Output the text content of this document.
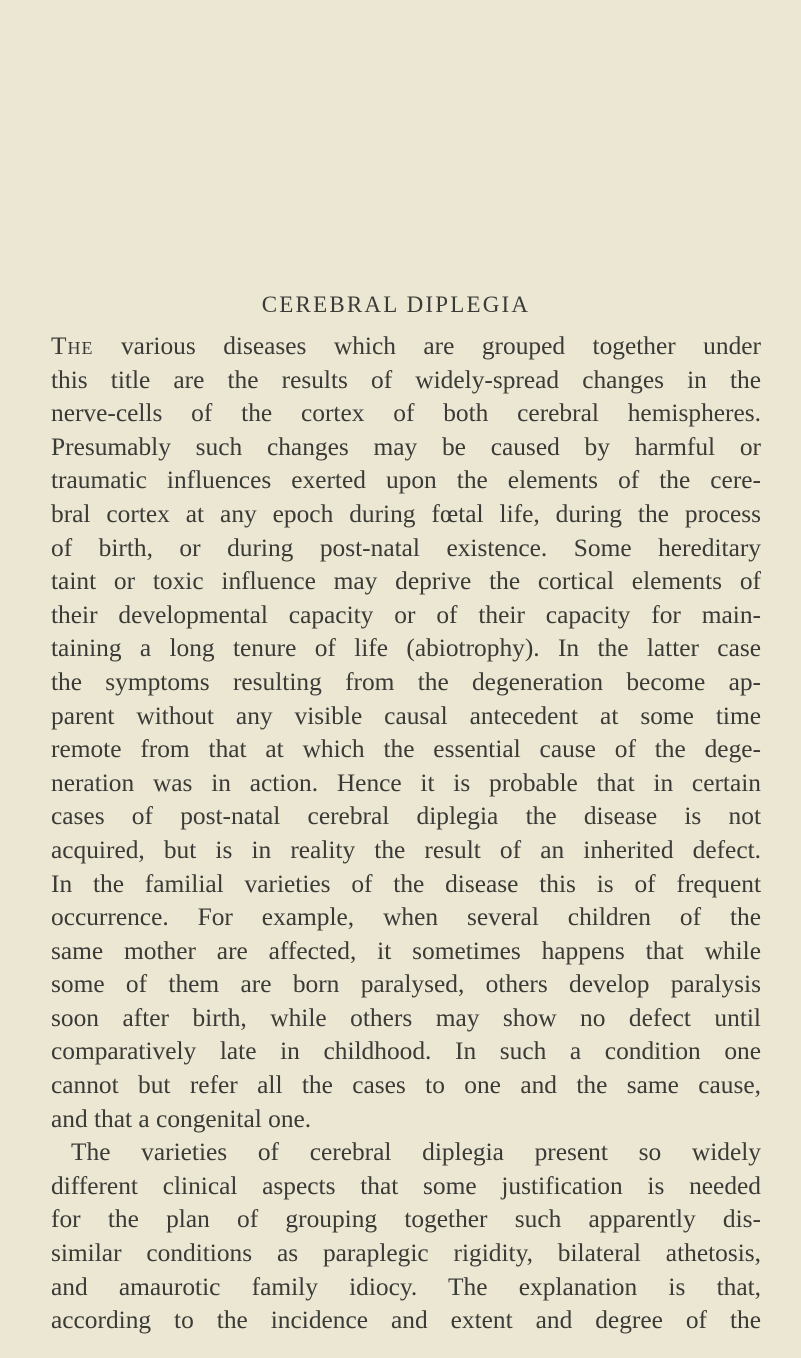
CEREBRAL DIPLEGIA
The various diseases which are grouped together under
this title are the results of widely-spread changes in the
nerve-cells of the cortex of both cerebral hemispheres.
Presumably such changes may be caused by harmful or
traumatic influences exerted upon the elements of the cere-
bral cortex at any epoch during fœtal life, during the process
of birth, or during post-natal existence. Some hereditary
taint or toxic influence may deprive the cortical elements of
their developmental capacity or of their capacity for main-
taining a long tenure of life (abiotrophy). In the latter case
the symptoms resulting from the degeneration become ap-
parent without any visible causal antecedent at some time
remote from that at which the essential cause of the dege-
neration was in action. Hence it is probable that in certain
cases of post-natal cerebral diplegia the disease is not
acquired, but is in reality the result of an inherited defect.
In the familial varieties of the disease this is of frequent
occurrence. For example, when several children of the
same mother are affected, it sometimes happens that while
some of them are born paralysed, others develop paralysis
soon after birth, while others may show no defect until
comparatively late in childhood. In such a condition one
cannot but refer all the cases to one and the same cause,
and that a congenital one.
The varieties of cerebral diplegia present so widely
different clinical aspects that some justification is needed
for the plan of grouping together such apparently dis-
similar conditions as paraplegic rigidity, bilateral athetosis,
and amaurotic family idiocy. The explanation is that,
according to the incidence and extent and degree of the
